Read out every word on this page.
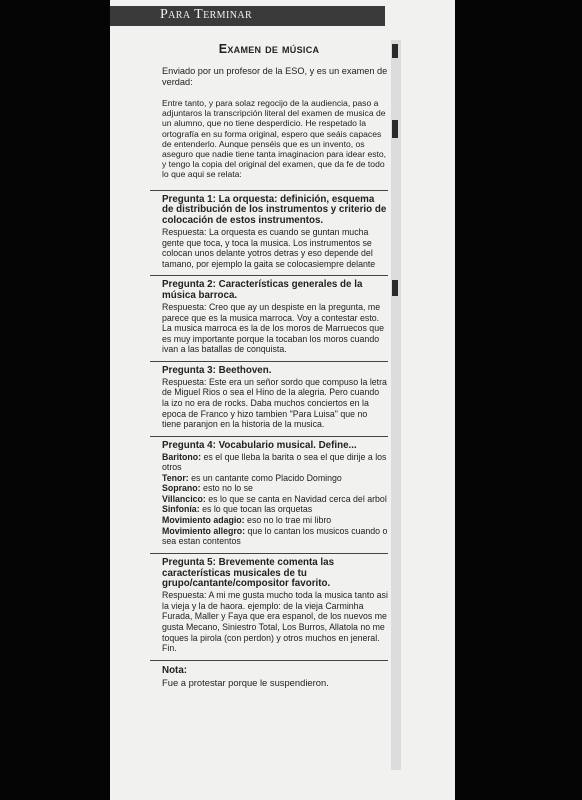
Para Terminar
Examen de música
Enviado por un profesor de la ESO, y es un examen de verdad:
Entre tanto, y para solaz regocijo de la audiencia, paso a adjuntaros la transcripción literal del examen de musica de un alumno, que no tiene desperdicio. He respetado la ortografía en su forma original, espero que seáis capaces de entenderlo. Aunque penséis que es un invento, os aseguro que nadie tiene tanta imaginacion para idear esto, y tengo la copia del original del examen, que da fe de todo lo que aqui se relata:
Pregunta 1: La orquesta: definición, esquema de distribución de los instrumentos y criterio de colocación de estos instrumentos.
Respuesta: La orquesta es cuando se guntan mucha gente que toca, y toca la musica. Los instrumentos se colocan unos delante yotros detras y eso depende del tamano, por ejemplo la gaita se colocasiempre delante
Pregunta 2: Características generales de la música barroca.
Respuesta: Creo que ay un despiste en la pregunta, me parece que es la musica marroca. Voy a contestar esto. La musica marroca es la de los moros de Marruecos que es muy importante porque la tocaban los moros cuando ivan a las batallas de conquista.
Pregunta 3: Beethoven.
Respuesta: Este era un señor sordo que compuso la letra de Miguel Rios o sea el Hino de la alegria. Pero cuando la izo no era de rocks. Daba muchos conciertos en la epoca de Franco y hizo tambien "Para Luisa" que no tiene paranjon en la historia de la musica.
Pregunta 4: Vocabulario musical. Define...
Baritono: es el que lleba la barita o sea el que dirije a los otros
Tenor: es un cantante como Placido Domingo
Soprano: esto no lo se
Villancico: es lo que se canta en Navidad cerca del arbol
Sinfonía: es lo que tocan las orquetas
Movimiento adagio: eso no lo trae mi libro
Movimiento allegro: que lo cantan los musicos cuando o sea estan contentos
Pregunta 5: Brevemente comenta las características musicales de tu grupo/cantante/compositor favorito.
Respuesta: A mi me gusta mucho toda la musica tanto asi la vieja y la de haora. ejemplo: de la vieja Carminha Furada, Maller y Faya que era espanol, de los nuevos me gusta Mecano, Siniestro Total, Los Burros, Allatola no me toques la pirola (con perdon) y otros muchos en jeneral. Fin.
Nota:
Fue a protestar porque le suspendieron.
